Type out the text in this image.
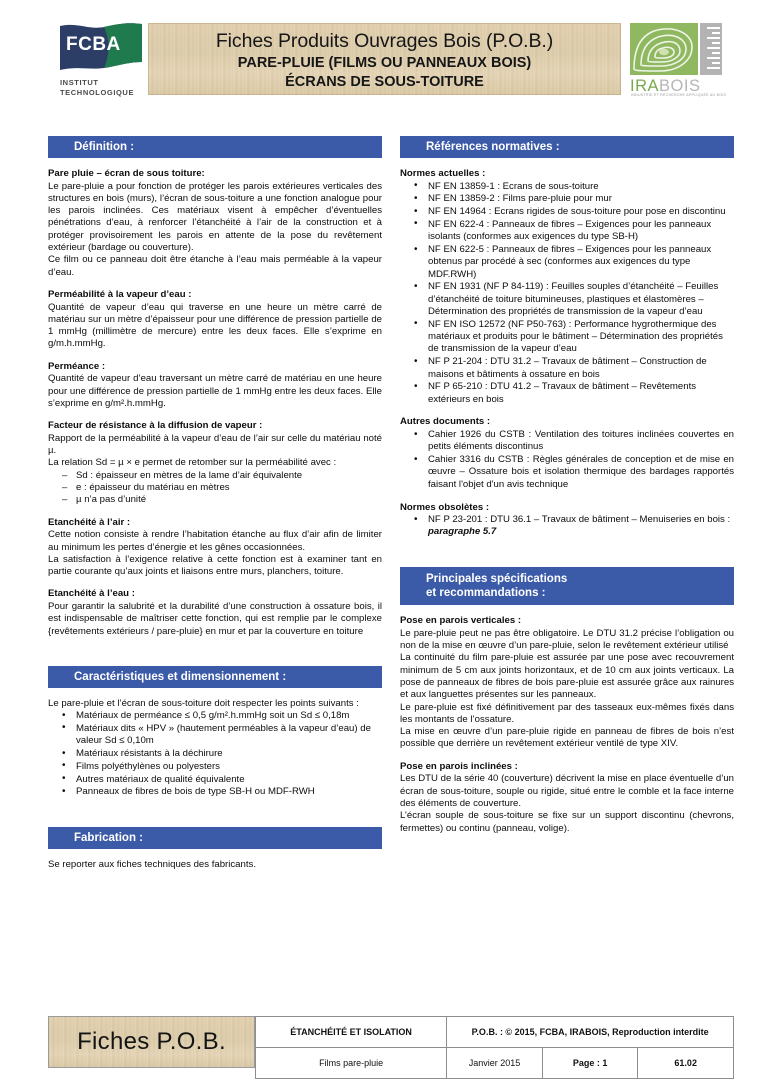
FCBA
INSTITUT
TECHNOLOGIQUE
Fiches Produits Ouvrages Bois (P.O.B.)
PARE-PLUIE (FILMS OU PANNEAUX BOIS)
ÉCRANS DE SOUS-TOITURE	IRABOIS
INDUSTRIE ET RECHERCHE APPLIQUÉE AU BOIS
Définition :
Pare pluie – écran de sous toiture:

Le pare-pluie a pour fonction de protéger les parois extérieures verticales des structures en bois (murs), l’écran de sous-toiture a une fonction analogue pour les parois inclinées. Ces matériaux visent à empêcher d’éventuelles pénétrations d’eau, à renforcer l’étanchéité à l’air de la construction et à protéger provisoirement les parois en attente de la pose du revêtement extérieur (bardage ou couverture).

Ce film ou ce panneau doit être étanche à l’eau mais perméable à la vapeur d’eau.

Perméabilité à la vapeur d’eau :

Quantité de vapeur d’eau qui traverse en une heure un mètre carré de matériau sur un mètre d’épaisseur pour une différence de pression partielle de 1 mmHg (millimètre de mercure) entre les deux faces. Elle s’exprime en g/m.h.mmHg.

Perméance :

Quantité de vapeur d’eau traversant un mètre carré de matériau en une heure pour une différence de pression partielle de 1 mmHg entre les deux faces. Elle s’exprime en g/m².h.mmHg.

Facteur de résistance à la diffusion de vapeur :

Rapport de la perméabilité à la vapeur d’eau de l’air sur celle du matériau noté µ.

La relation Sd = µ × e permet de retomber sur la perméabilité avec :

– Sd : épaisseur en mètres de la lame d’air équivalente
– e : épaisseur du matériau en mètres
– µ n’a pas d’unité
Etanchéité à l’air :

Cette notion consiste à rendre l’habitation étanche au flux d’air afin de limiter au minimum les pertes d’énergie et les gênes occasionnées.

La satisfaction à l’exigence relative à cette fonction est à examiner tant en partie courante qu’aux joints et liaisons entre murs, planchers, toiture.

Etanchéité à l’eau :

Pour garantir la salubrité et la durabilité d’une construction à ossature bois, il est indispensable de maîtriser cette fonction, qui est remplie par le complexe {revêtements extérieurs / pare-pluie} en mur et par la couverture en toiture

Caractéristiques et dimensionnement :

Le pare-pluie et l’écran de sous-toiture doit respecter les points suivants :

• Matériaux de perméance ≤ 0,5 g/m².h.mmHg soit un Sd ≤ 0,18m
• Matériaux dits « HPV » (hautement perméables à la vapeur d’eau) de valeur Sd ≤ 0,10m
• Matériaux résistants à la déchirure
• Films polyéthylènes ou polyesters
• Autres matériaux de qualité équivalente
• Panneaux de fibres de bois de type SB-H ou MDF-RWH
Fabrication :

Se reporter aux fiches techniques des fabricants.

Références normatives :
Normes actuelles :
• NF EN 13859-1 : Ecrans de sous-toiture
• NF EN 13859-2 : Films pare-pluie pour mur
• NF EN 14964 : Ecrans rigides de sous-toiture pour pose en discontinu
• NF EN 622-4 : Panneaux de fibres – Exigences pour les panneaux isolants (conformes aux exigences du type SB-H)
• NF EN 622-5 : Panneaux de fibres – Exigences pour les panneaux obtenus par procédé à sec (conformes aux exigences du type MDF.RWH)
• NF EN 1931 (NF P 84-119) : Feuilles souples d’étanchéité – Feuilles d’étanchéité de toiture bitumineuses, plastiques et élastomères – Détermination des propriétés de transmission de la vapeur d’eau
• NF EN ISO 12572 (NF P50-763) : Performance hygrothermique des matériaux et produits pour le bâtiment – Détermination des propriétés de transmission de la vapeur d’eau
• NF P 21-204 : DTU 31.2 – Travaux de bâtiment – Construction de maisons et bâtiments à ossature en bois
• NF P 65-210 : DTU 41.2 – Travaux de bâtiment – Revêtements extérieurs en bois
Autres documents :
• Cahier 1926 du CSTB : Ventilation des toitures inclinées couvertes en petits éléments discontinus
• Cahier 3316 du CSTB : Règles générales de conception et de mise en œuvre – Ossature bois et isolation thermique des bardages rapportés faisant l'objet d'un avis technique
Normes obsolètes :
• NF P 23-201 : DTU 36.1 – Travaux de bâtiment – Menuiseries en bois : paragraphe 5.7
Principales spécifications
et recommandations :
Pose en parois verticales :

Le pare-pluie peut ne pas être obligatoire. Le DTU 31.2 précise l’obligation ou non de la mise en œuvre d’un pare-pluie, selon le revêtement extérieur utilisé

La continuité du film pare-pluie est assurée par une pose avec recouvrement minimum de 5 cm aux joints horizontaux, et de 10 cm aux joints verticaux. La pose de panneaux de fibres de bois pare-pluie est assurée grâce aux rainures et aux languettes présentes sur les panneaux.

Le pare-pluie est fixé définitivement par des tasseaux eux-mêmes fixés dans les montants de l’ossature.

La mise en œuvre d’un pare-pluie rigide en panneau de fibres de bois n’est possible que derrière un revêtement extérieur ventilé de type XIV.

Pose en parois inclinées :

Les DTU de la série 40 (couverture) décrivent la mise en place éventuelle d’un écran de sous-toiture, souple ou rigide, situé entre le comble et la face interne des éléments de couverture.

L’écran souple de sous-toiture se fixe sur un support discontinu (chevrons, fermettes) ou continu (panneau, volige).

Fiches P.O.B.	ÉTANCHÉITÉ ET ISOLATION	P.O.B. : © 2015, FCBA, IRABOIS, Reproduction interdite		
Films pare-pluie	Janvier 2015	Page : 1	61.02
